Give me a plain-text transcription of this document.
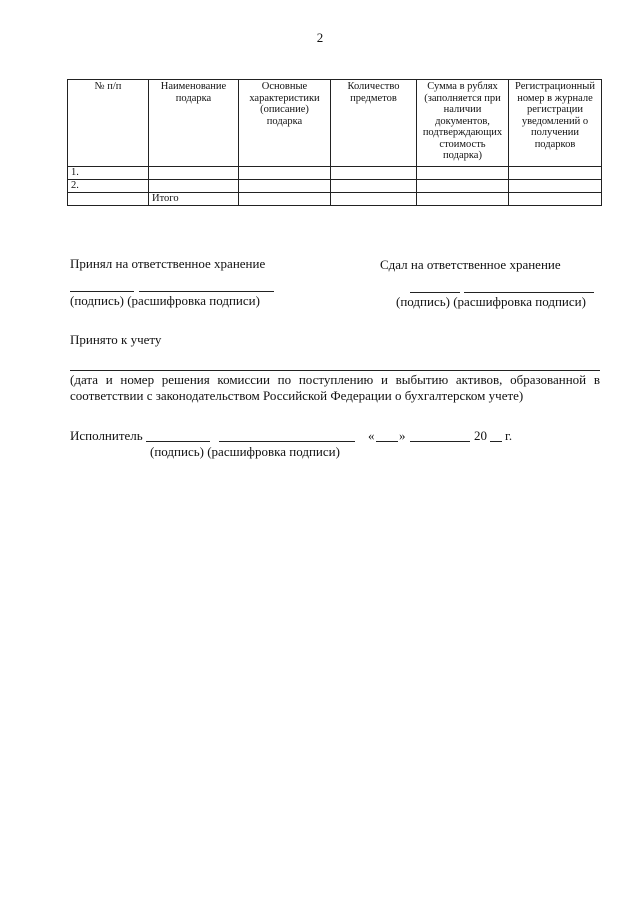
2
№ п/п	Наименование подарка	Основные характеристики (описание) подарка	Количество предметов	Сумма в рублях (заполняется при наличии документов, подтверждающих стоимость подарка)	Регистрационный номер в журнале регистрации уведомлений о получении подарков
1.					
2.					
	Итого				
Принял на ответственное хранение	Сдал на ответственное хранение
(подпись) (расшифровка подписи)	(подпись) (расшифровка подписи)
Принято к учету
(дата и номер решения комиссии по поступлению и выбытию активов, образованной в соответствии с законодательством Российской Федерации о бухгалтерском учете)
Исполнитель	« »	20 г.
(подпись) (расшифровка подписи)
